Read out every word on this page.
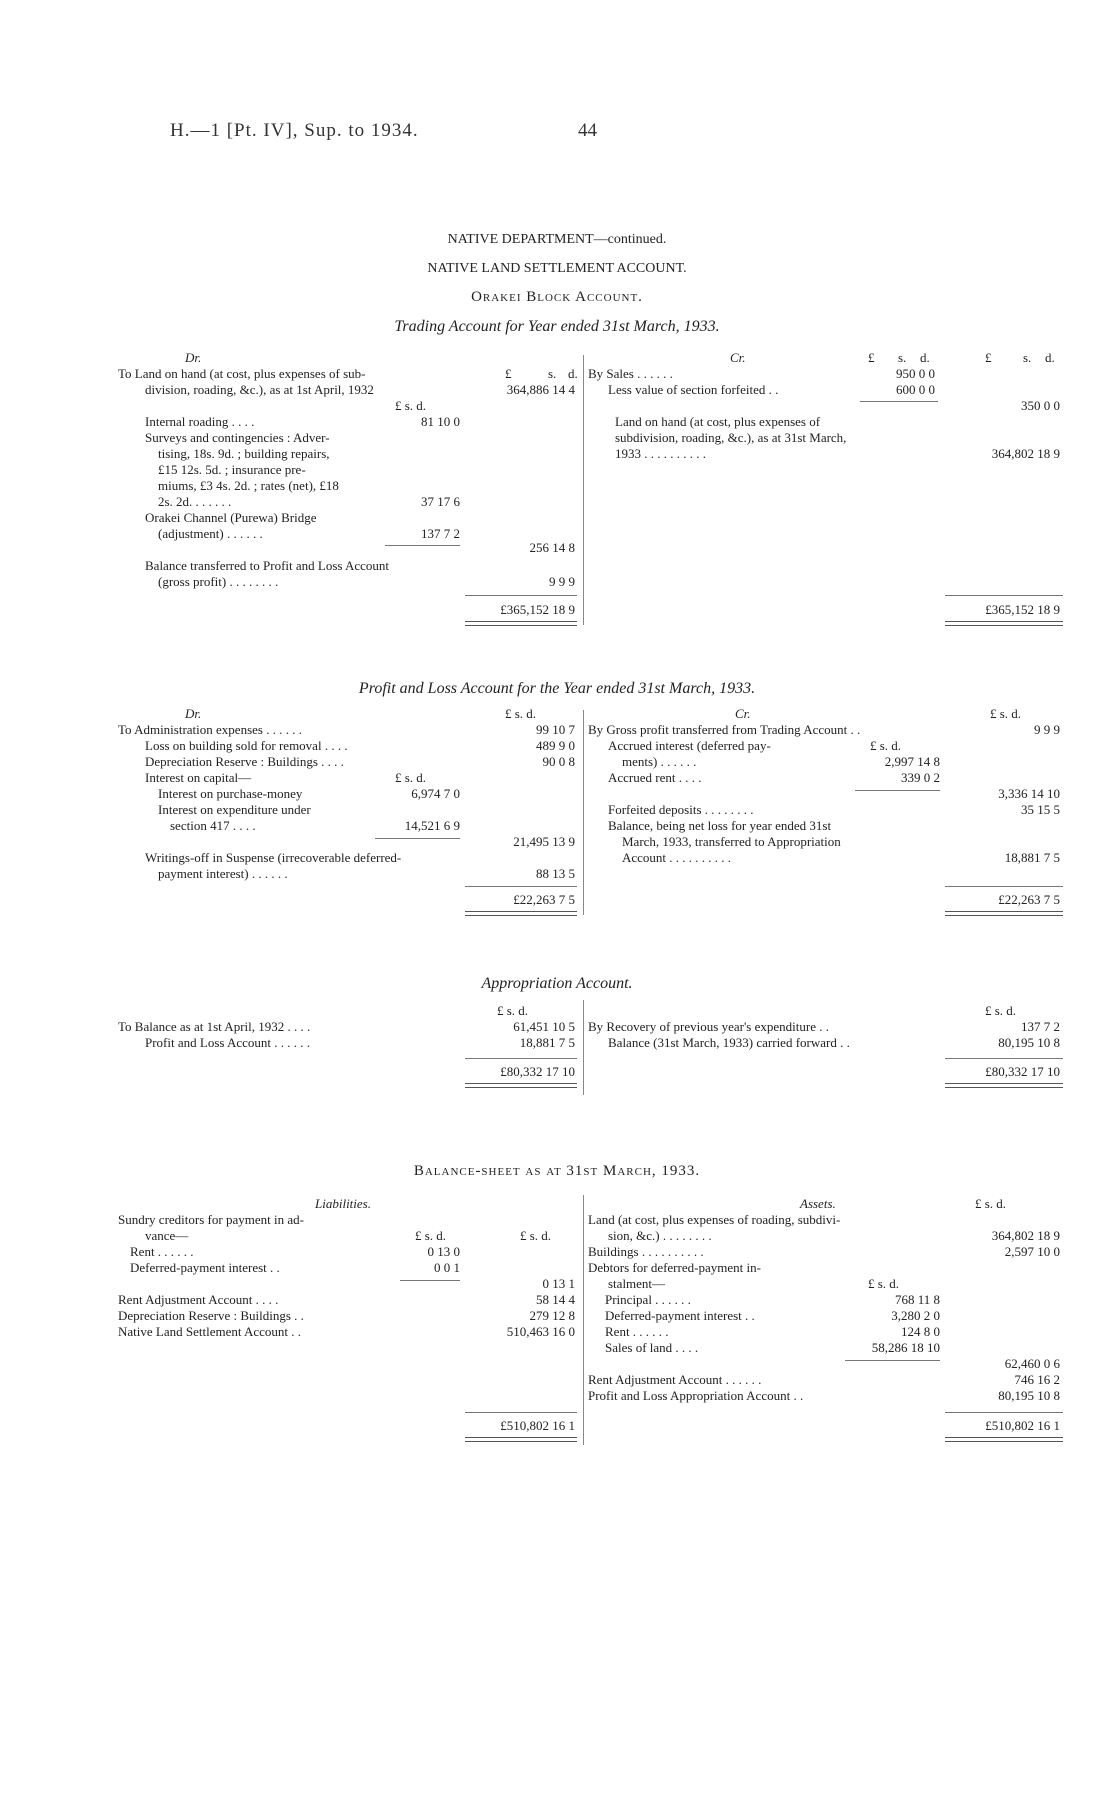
H.—1 [Pt. IV], Sup. to 1934.	44
NATIVE DEPARTMENT—continued.
NATIVE LAND SETTLEMENT ACCOUNT.
Orakei Block Account.
Trading Account for Year ended 31st March, 1933.
Dr.	Cr.
£	s. d.
£ s. d.	£ s. d.
To Land on hand (at cost, plus expenses of sub-
division, roading, &c.), as at 1st April, 1932	364,886 14 4
£ s. d.
Internal roading . . . .	81 10 0
Surveys and contingencies : Adver-
tising, 18s. 9d. ; building repairs,
£15 12s. 5d. ; insurance pre-
miums, £3 4s. 2d. ; rates (net), £18
2s. 2d. . . . . . .	37 17 6
Orakei Channel (Purewa) Bridge
(adjustment) . . . . . .	137 7 2
256 14 8
Balance transferred to Profit and Loss Account
(gross profit) . . . . . . . .	9 9 9
£365,152 18 9
By Sales . . . . . .	950 0 0
Less value of section forfeited . .	600 0 0
350 0 0
Land on hand (at cost, plus expenses of
subdivision, roading, &c.), as at 31st March,
1933 . . . . . . . . . .	364,802 18 9
£365,152 18 9
Profit and Loss Account for the Year ended 31st March, 1933.
Dr.	Cr.
£ s. d.	£ s. d.
To Administration expenses . . . . . .	99 10 7
Loss on building sold for removal . . . .	489 9 0
Depreciation Reserve : Buildings . . . .	90 0 8
Interest on capital—	£ s. d.
Interest on purchase-money	6,974 7 0
Interest on expenditure under
section 417 . . . .	14,521 6 9
21,495 13 9
Writings-off in Suspense (irrecoverable deferred-
payment interest) . . . . . .	88 13 5
£22,263 7 5
By Gross profit transferred from Trading Account . .	9 9 9
Accrued interest (deferred pay-	£ s. d.
ments) . . . . . .	2,997 14 8
Accrued rent . . . .	339 0 2
3,336 14 10
Forfeited deposits . . . . . . . .	35 15 5
Balance, being net loss for year ended 31st
March, 1933, transferred to Appropriation
Account . . . . . . . . . .	18,881 7 5
£22,263 7 5
Appropriation Account.
£ s. d.	£ s. d.
To Balance as at 1st April, 1932 . . . .	61,451 10 5
Profit and Loss Account . . . . . .	18,881 7 5
£80,332 17 10
By Recovery of previous year's expenditure . .	137 7 2
Balance (31st March, 1933) carried forward . .	80,195 10 8
£80,332 17 10
Balance-sheet as at 31st March, 1933.
Liabilities.	Assets.	£ s. d.
Sundry creditors for payment in ad-
vance—	£ s. d.	£ s. d.
Rent . . . . . .	0 13 0
Deferred-payment interest . .	0 0 1
0 13 1
Rent Adjustment Account . . . .	58 14 4
Depreciation Reserve : Buildings . .	279 12 8
Native Land Settlement Account . .	510,463 16 0
£510,802 16 1
Land (at cost, plus expenses of roading, subdivi-
sion, &c.) . . . . . . . .	364,802 18 9
Buildings . . . . . . . . . .	2,597 10 0
Debtors for deferred-payment in-
stalment—	£ s. d.
Principal . . . . . .	768 11 8
Deferred-payment interest . .	3,280 2 0
Rent . . . . . .	124 8 0
Sales of land . . . .	58,286 18 10
62,460 0 6
Rent Adjustment Account . . . . . .	746 16 2
Profit and Loss Appropriation Account . .	80,195 10 8
£510,802 16 1
